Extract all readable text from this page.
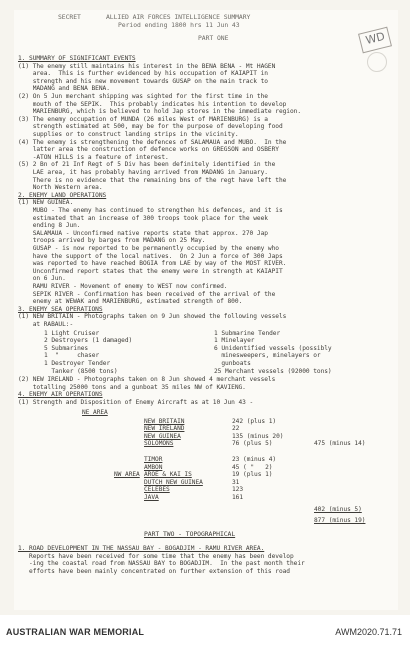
WD
SECRET	ALLIED AIR FORCES INTELLIGENCE SUMMARY
Period ending 1800 hrs 11 Jun 43
PART ONE
1. SUMMARY OF SIGNIFICANT EVENTS
(1) The enemy still maintains his interest in the BENA BENA - Mt HAGEN
area.  This is further evidenced by his occupation of KAIAPIT in
strength and his new movement towards GUSAP on the main track to
MADANG and BENA BENA.
(2) On 5 Jun merchant shipping was sighted for the first time in the
mouth of the SEPIK.  This probably indicates his intention to develop
MARIENBURG, which is believed to hold Jap stores in the immediate region.
(3) The enemy occupation of MUNDA (26 miles West of MARIENBURG) is a
strength estimated at 500, may be for the purpose of developing food
supplies or to construct landing strips in the vicinity.
(4) The enemy is strengthening the defences of SALAMAUA and MUBO.  In the
latter area the construction of defence works on GREGSON and OSBERY
-ATON HILLS is a feature of interest.
(5) 2 Bn of 21 Inf Regt of 5 Div has been definitely identified in the
LAE area, it has probably having arrived from MADANG in January.
There is no evidence that the remaining bns of the regt have left the
North Western area.
2. ENEMY LAND OPERATIONS
(1) NEW GUINEA.
MUBO - The enemy has continued to strengthen his defences, and it is
estimated that an increase of 300 troops took place for the week
ending 8 Jun.
SALAMAUA - Unconfirmed native reports state that approx. 270 Jap
troops arrived by barges from MADANG on 25 May.
GUSAP - is now reported to be permanently occupied by the enemy who
have the support of the local natives.  On 2 Jun a force of 300 Japs
was reported to have reached BOGIA from LAE by way of the MOST RIVER.
Unconfirmed report states that the enemy were in strength at KAIAPIT
on 6 Jun.
RAMU RIVER - Movement of enemy to WEST now confirmed.
SEPIK RIVER - Confirmation has been received of the arrival of the
enemy at WEWAK and MARIENBURG, estimated strength of 800.
3. ENEMY SEA OPERATIONS
(1) NEW BRITAIN - Photographs taken on 9 Jun showed the following vessels
at RABAUL:-
(2) NEW IRELAND - Photographs taken on 8 Jun showed 4 merchant vessels
totalling 25000 tons and a gunboat 35 miles NW of KAVIENG.
4. ENEMY AIR OPERATIONS
(1) Strength and Disposition of Enemy Aircraft as at 10 Jun 43 -
1 Light Cruiser
2 Destroyers (1 damaged)
5 Submarines
1  "     chaser
1 Destroyer Tender
Tanker (8500 tons)
1 Submarine Tender
1 Minelayer
6 Unidentified vessels (possibly
minesweepers, minelayers or
gunboats
25 Merchant vessels (92000 tons)
NE AREA
NEW BRITAIN	242 (plus 1)
NEW IRELAND	22
NEW GUINEA	135 (minus 20)
SOLOMONS	76 (plus 5)	475 (minus 14)
NW AREA
TIMOR	23 (minus 4)
AMBON	45 ( "   2)
AROE & KAI IS	19 (plus 1)
DUTCH NEW GUINEA	31
CELEBES	123
JAVA	161
402 (minus 5)
877 (minus 19)
PART TWO - TOPOGRAPHICAL
1. ROAD DEVELOPMENT IN THE NASSAU BAY - BOGADJIM - RAMU RIVER AREA.
Reports have been received for some time that the enemy has been develop
-ing the coastal road from NASSAU BAY to BOGADJIM.  In the past month their
efforts have been mainly concentrated on further extension of this road
AUSTRALIAN WAR MEMORIAL	AWM2020.71.71
